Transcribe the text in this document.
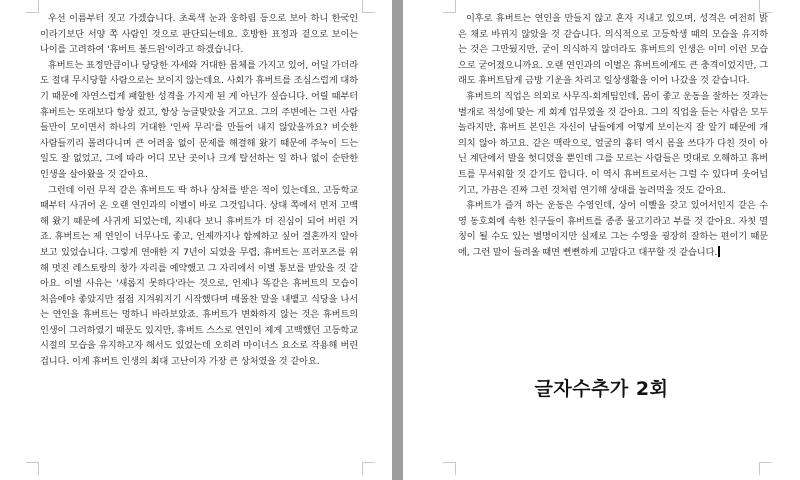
우선 이름부터 짓고 가겠습니다. 초록색 눈과 웅하림 등으로 보아 하니 한국인이라기보단 서양 쪽 사람인 것으로 판단되는데요. 호방한 표정과 겉으로 보이는 나이를 고려하여 '휴버트 볼드윈'이라고 하겠습니다.

휴버트는 표정만큼이나 당당한 자세와 거대한 몸체를 가지고 있어, 어딜 가더라도 절대 무시당할 사람으로는 보이지 않는데요. 사회가 휴버트를 조심스럽게 대하기 때문에 자연스럽게 패할한 성격을 가지게 된 게 아닌가 싶습니다. 어릴 때부터 휴버트는 또래보다 항상 컸고, 항상 능글맞았을 거고요. 그의 주변에는 그런 사람들만이 모이면서 하나의 거대한 '인싸 무리'를 만들어 내지 않았을까요? 비슷한 사람들끼리 몰려다니며 큰 어려움 없이 문제를 해결해 왔기 때문에 주눅이 드는 일도 잘 없었고, 그에 따라 어디 모난 곳이나 크게 탈선하는 일 하나 없이 순탄한 인생을 살아왔을 것 같아요.

그런데 이런 무적 같은 휴버트도 딱 하나 상처를 받은 적이 있는데요. 고등학교 때부터 사귀어 온 오랜 연인과의 이별이 바로 그것입니다. 상대 쪽에서 먼저 고백해 왔기 때문에 사귀게 되었는데, 지내다 보니 휴버트가 더 진심이 되어 버린 거죠. 휴버트는 제 연인이 너무나도 좋고, 언제까지나 함께하고 싶어 결혼까지 알아보고 있었습니다. 그렇게 연애한 지 7년이 되었을 무렵, 휴버트는 프러포즈를 위해 멋진 레스토랑의 창가 자리를 예약했고 그 자리에서 이별 통보를 받았을 것 같아요. 이별 사유는 '새롭지 못하다'라는 것으로, 언제나 똑같은 휴버트의 모습이 처음에야 좋았지만 점점 지겨워지기 시작했다며 매몰찬 말을 내뱉고 식당을 나서는 연인을 휴버트는 멍하니 바라보았죠. 휴버트가 변화하지 않는 것은 휴버트의 인생이 그러하였기 때문도 있지만, 휴버트 스스로 연인이 제게 고백했던 고등학교 시절의 모습을 유지하고자 해서도 있었는데 오히려 마이너스 요소로 작용해 버린 겁니다. 이게 휴버트 인생의 최대 고난이자 가장 큰 상처였을 것 같아요.

이후로 휴버트는 연인을 만들지 않고 혼자 지내고 있으며, 성격은 여전히 밝은 채로 바뀌지 않았을 것 같습니다. 의식적으로 고등학생 때의 모습을 유지하는 것은 그만뒀지만, 굳이 의식하지 않더라도 휴버트의 인생은 이미 이런 모습으로 굳어졌으니까요. 오랜 연인과의 이별은 휴버트에게도 큰 충격이었지만, 그래도 휴버트답게 금방 기운을 차리고 일상생활을 이어 나갔을 것 같습니다.

휴버트의 직업은 의외로 사무직-회계팀인데, 몸이 좋고 운동을 잘하는 것과는 별개로 적성에 맞는 게 회계 업무였을 것 같아요. 그의 직업을 듣는 사람은 모두 놀라지만, 휴버트 본인은 자신이 남들에게 어떻게 보이는지 잘 알기 때문에 개의치 않아 하고요. 같은 맥락으로, 얼굴의 흉터 역시 몸을 쓰다가 다친 것이 아닌 계단에서 발을 헛디뎠을 뿐인데 그를 모르는 사람들은 멋대로 오해하고 휴버트를 무서워할 것 같기도 합니다. 이 역시 휴버트로서는 그럴 수 있다며 웃어넘기고, 가끔은 진짜 그런 것처럼 연기해 상대를 놀려먹을 것도 같아요.

휴버트가 즐겨 하는 운동은 수영인데, 상어 이빨을 갖고 있어서인지 같은 수영 동호회에 속한 친구들이 휴버트를 종종 물고기라고 부를 것 같아요. 자칫 멸칭이 될 수도 있는 별명이지만 실제로 그는 수영을 굉장히 잘하는 편이기 때문에, 그런 말이 들려올 때면 뻔뻔하게 고맙다고 대꾸할 것 같습니다.

글자수추가 2회
